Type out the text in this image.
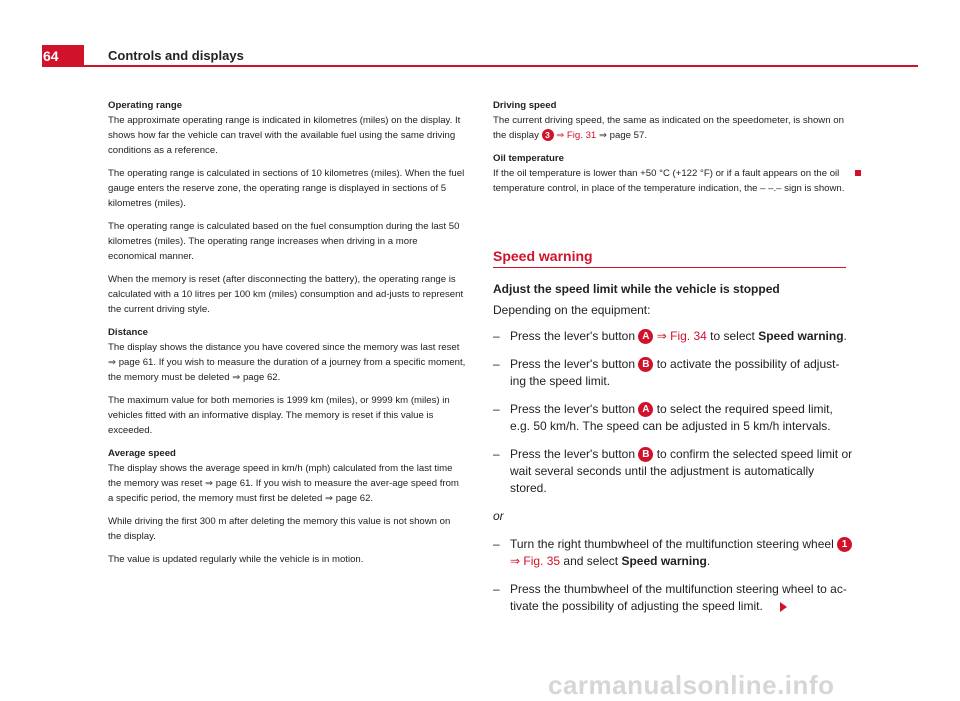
64	Controls and displays
Operating range

The approximate operating range is indicated in kilometres (miles) on the display. It shows how far the vehicle can travel with the available fuel using the same driving conditions as a reference.

The operating range is calculated in sections of 10 kilometres (miles). When the fuel gauge enters the reserve zone, the operating range is displayed in sections of 5 kilometres (miles).

The operating range is calculated based on the fuel consumption during the last 50 kilometres (miles). The operating range increases when driving in a more economical manner.

When the memory is reset (after disconnecting the battery), the operating range is calculated with a 10 litres per 100 km (miles) consumption and ad-justs to represent the current driving style.

Distance

The display shows the distance you have covered since the memory was last reset ⇒ page 61. If you wish to measure the duration of a journey from a specific moment, the memory must be deleted ⇒ page 62.

The maximum value for both memories is 1999 km (miles), or 9999 km (miles) in vehicles fitted with an informative display. The memory is reset if this value is exceeded.

Average speed

The display shows the average speed in km/h (mph) calculated from the last time the memory was reset ⇒ page 61. If you wish to measure the aver-age speed from a specific period, the memory must first be deleted ⇒ page 62.

While driving the first 300 m after deleting the memory this value is not shown on the display.

The value is updated regularly while the vehicle is in motion.

Driving speed

The current driving speed, the same as indicated on the speedometer, is shown on the display 3 ⇒ Fig. 31 ⇒ page 57.

Oil temperature

If the oil temperature is lower than +50 °C (+122 °F) or if a fault appears on the oil temperature control, in place of the temperature indication, the – –.– sign is shown.

Speed warning
Adjust the speed limit while the vehicle is stopped

Depending on the equipment:

– Press the lever's button A ⇒ Fig. 34 to select Speed warning.
– Press the lever's button B to activate the possibility of adjust-ing the speed limit.
– Press the lever's button A to select the required speed limit, e.g. 50 km/h. The speed can be adjusted in 5 km/h intervals.
– Press the lever's button B to confirm the selected speed limit or wait several seconds until the adjustment is automatically stored.

or

– Turn the right thumbwheel of the multifunction steering wheel 1 ⇒ Fig. 35 and select Speed warning.
– Press the thumbwheel of the multifunction steering wheel to ac-tivate the possibility of adjusting the speed limit.
carmanualsonline.info
